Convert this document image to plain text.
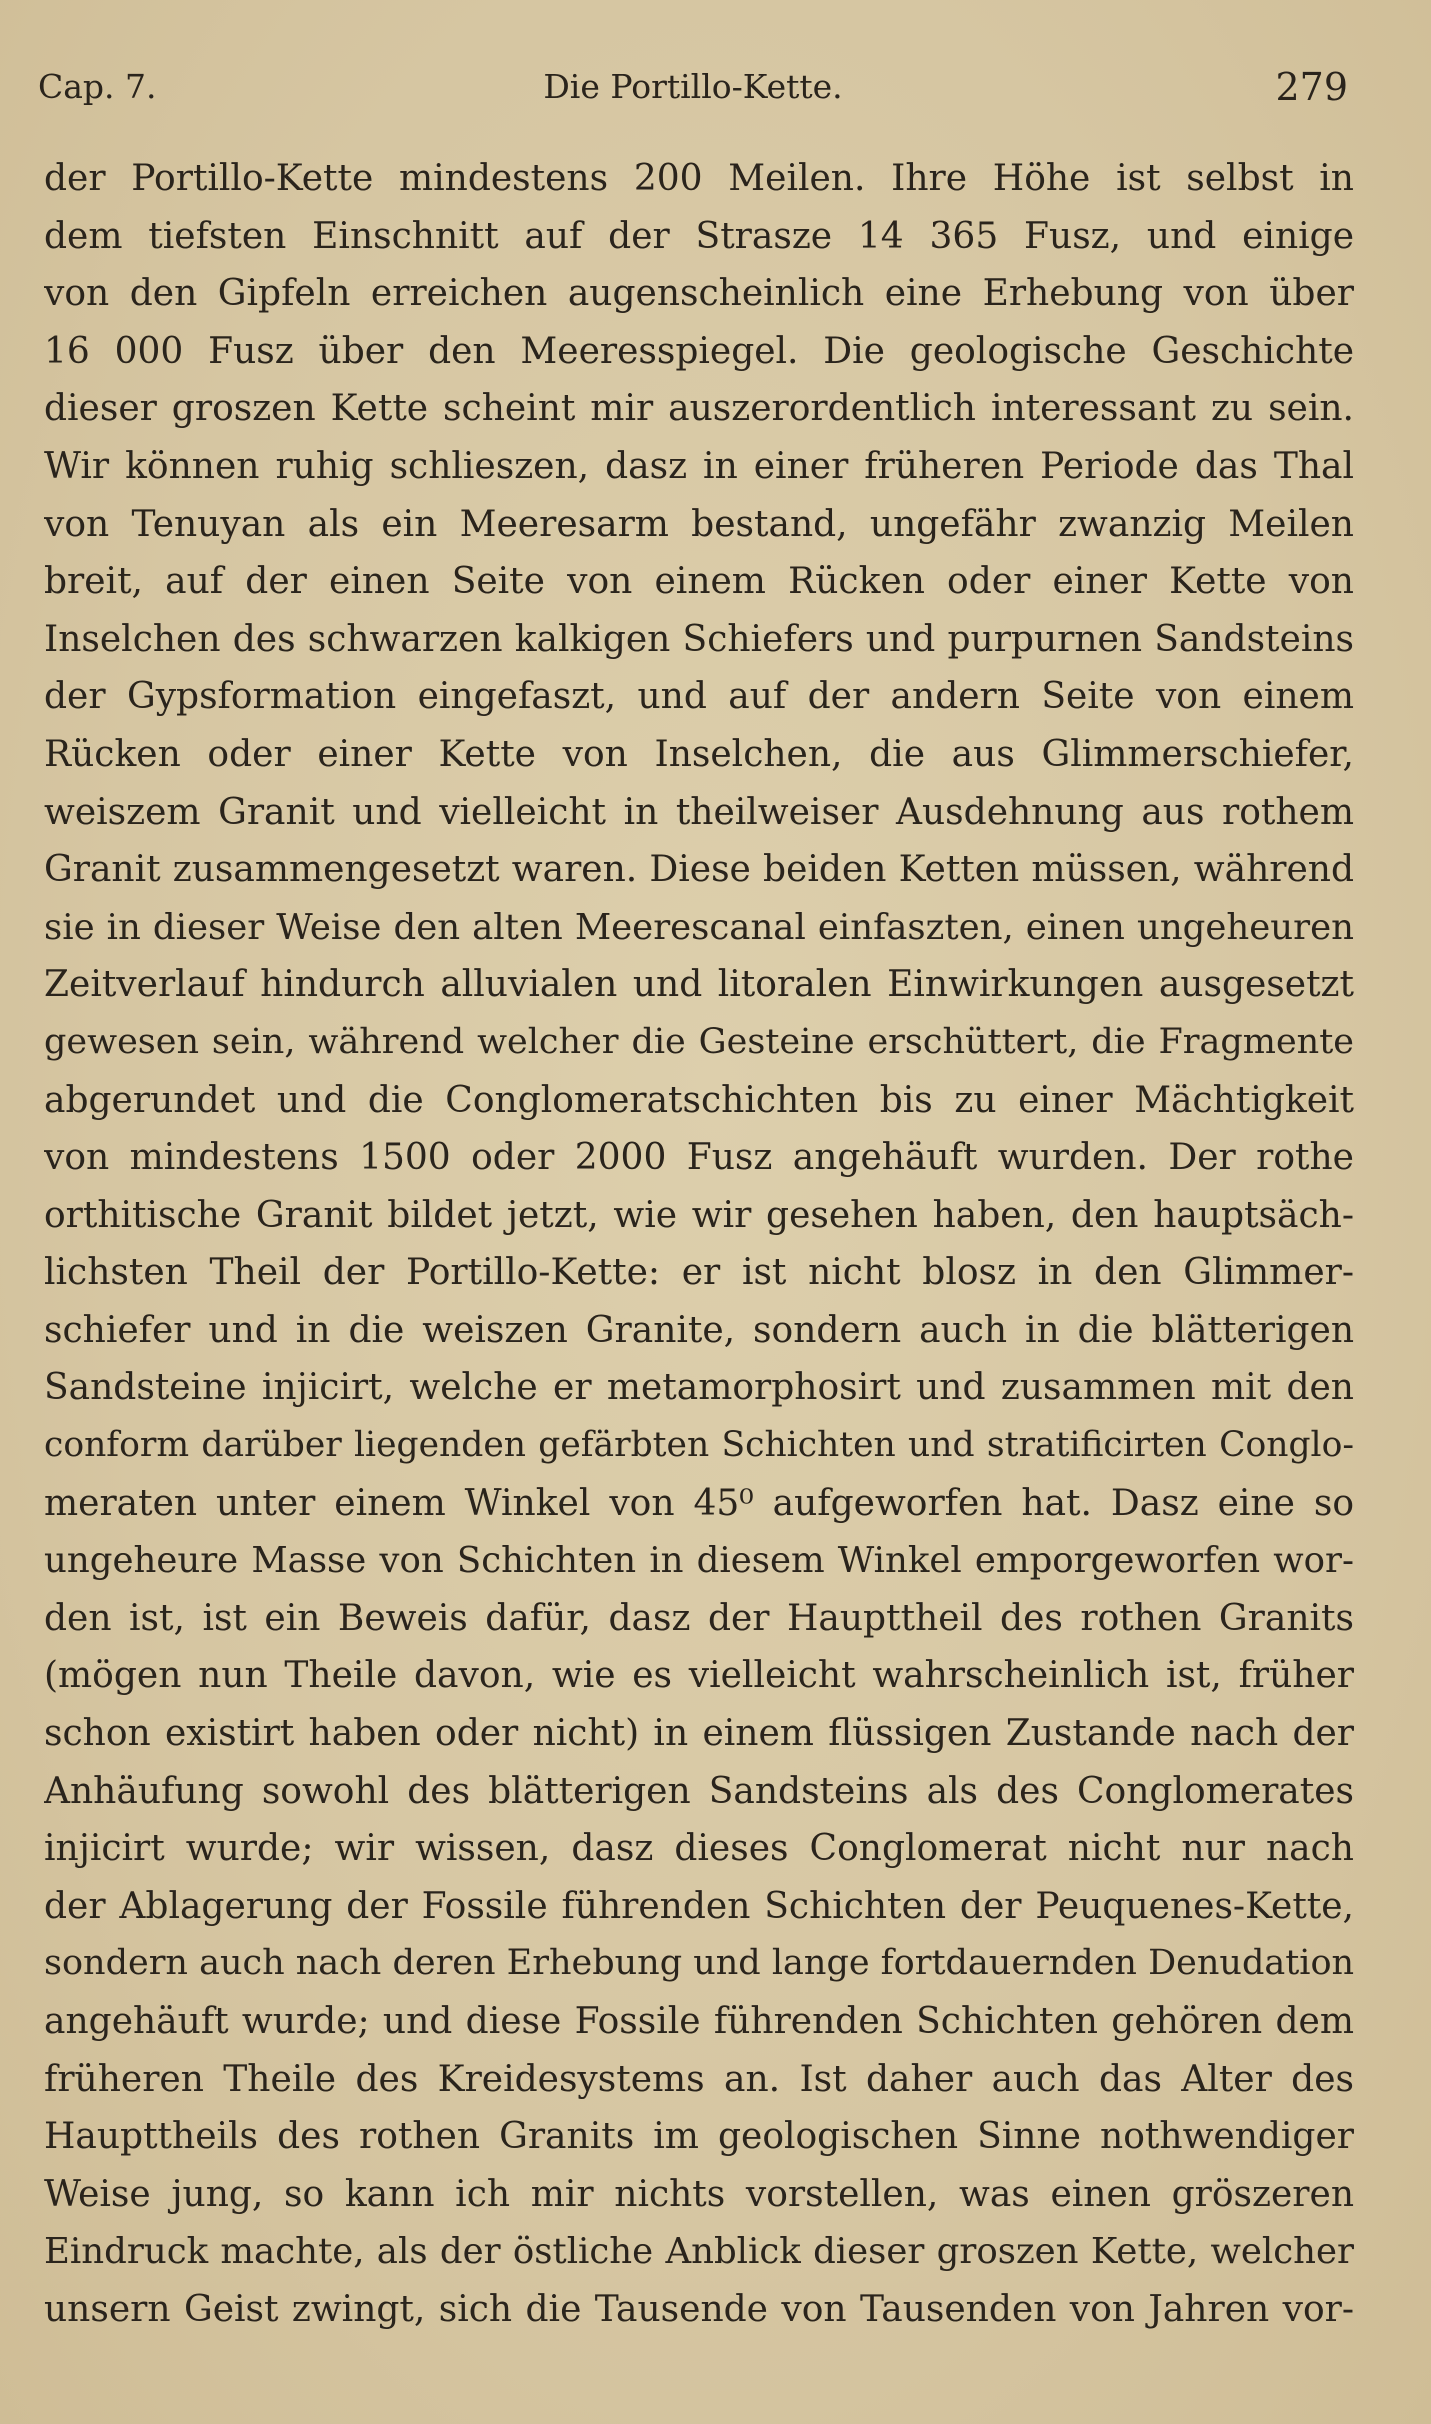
Cap. 7.	Die Portillo-Kette.	279
der Portillo-Kette mindestens 200 Meilen. Ihre Höhe ist selbst in
dem tiefsten Einschnitt auf der Strasze 14 365 Fusz, und einige
von den Gipfeln erreichen augenscheinlich eine Erhebung von über
16 000 Fusz über den Meeresspiegel. Die geologische Geschichte
dieser groszen Kette scheint mir auszerordentlich interessant zu sein.
Wir können ruhig schlieszen, dasz in einer früheren Periode das Thal
von Tenuyan als ein Meeresarm bestand, ungefähr zwanzig Meilen
breit, auf der einen Seite von einem Rücken oder einer Kette von
Inselchen des schwarzen kalkigen Schiefers und purpurnen Sandsteins
der Gypsformation eingefaszt, und auf der andern Seite von einem
Rücken oder einer Kette von Inselchen, die aus Glimmerschiefer,
weiszem Granit und vielleicht in theilweiser Ausdehnung aus rothem
Granit zusammengesetzt waren. Diese beiden Ketten müssen, während
sie in dieser Weise den alten Meerescanal einfaszten, einen ungeheuren
Zeitverlauf hindurch alluvialen und litoralen Einwirkungen ausgesetzt
gewesen sein, während welcher die Gesteine erschüttert, die Fragmente
abgerundet und die Conglomeratschichten bis zu einer Mächtigkeit
von mindestens 1500 oder 2000 Fusz angehäuft wurden. Der rothe
orthitische Granit bildet jetzt, wie wir gesehen haben, den hauptsäch-
lichsten Theil der Portillo-Kette: er ist nicht blosz in den Glimmer-
schiefer und in die weiszen Granite, sondern auch in die blätterigen
Sandsteine injicirt, welche er metamorphosirt und zusammen mit den
conform darüber liegenden gefärbten Schichten und stratificirten Conglo-
meraten unter einem Winkel von 45⁰ aufgeworfen hat. Dasz eine so
ungeheure Masse von Schichten in diesem Winkel emporgeworfen wor-
den ist, ist ein Beweis dafür, dasz der Haupttheil des rothen Granits
(mögen nun Theile davon, wie es vielleicht wahrscheinlich ist, früher
schon existirt haben oder nicht) in einem flüssigen Zustande nach der
Anhäufung sowohl des blätterigen Sandsteins als des Conglomerates
injicirt wurde; wir wissen, dasz dieses Conglomerat nicht nur nach
der Ablagerung der Fossile führenden Schichten der Peuquenes-Kette,
sondern auch nach deren Erhebung und lange fortdauernden Denudation
angehäuft wurde; und diese Fossile führenden Schichten gehören dem
früheren Theile des Kreidesystems an. Ist daher auch das Alter des
Haupttheils des rothen Granits im geologischen Sinne nothwendiger
Weise jung, so kann ich mir nichts vorstellen, was einen gröszeren
Eindruck machte, als der östliche Anblick dieser groszen Kette, welcher
unsern Geist zwingt, sich die Tausende von Tausenden von Jahren vor-
